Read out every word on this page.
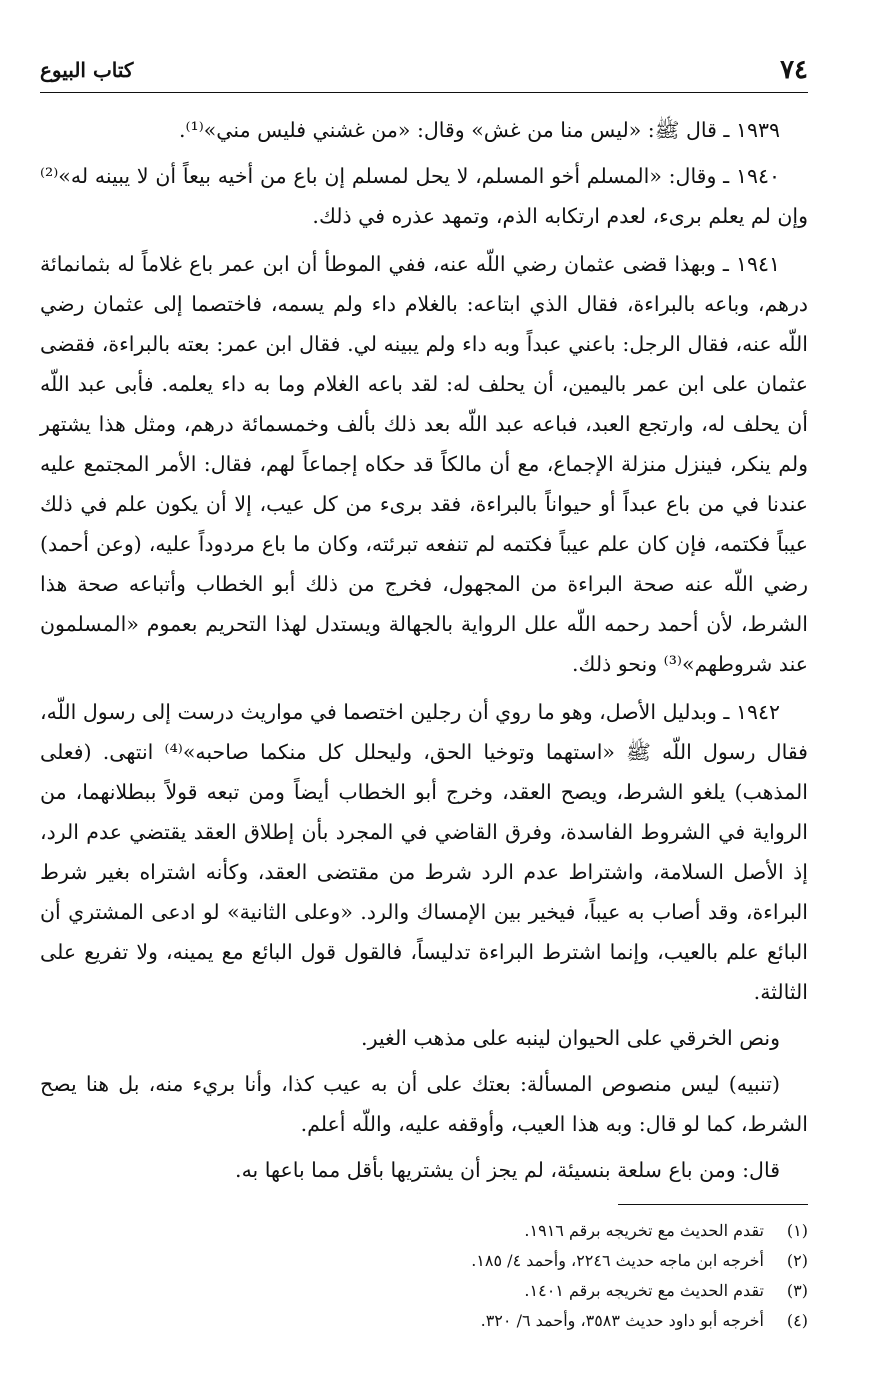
٧٤
كتاب البيوع

١٩٣٩ ـ قال ﷺ: «ليس منا من غش» وقال: «من غشني فليس مني»⁽¹⁾.

١٩٤٠ ـ وقال: «المسلم أخو المسلم، لا يحل لمسلم إن باع من أخيه بيعاً أن لا يبينه له»⁽²⁾ وإن لم يعلم برىء، لعدم ارتكابه الذم، وتمهد عذره في ذلك.

١٩٤١ ـ وبهذا قضى عثمان رضي اللّه عنه، ففي الموطأ أن ابن عمر باع غلاماً له بثمانمائة درهم، وباعه بالبراءة، فقال الذي ابتاعه: بالغلام داء ولم يسمه، فاختصما إلى عثمان رضي اللّه عنه، فقال الرجل: باعني عبداً وبه داء ولم يبينه لي. فقال ابن عمر: بعته بالبراءة، فقضى عثمان على ابن عمر باليمين، أن يحلف له: لقد باعه الغلام وما به داء يعلمه. فأبى عبد اللّه أن يحلف له، وارتجع العبد، فباعه عبد اللّه بعد ذلك بألف وخمسمائة درهم، ومثل هذا يشتهر ولم ينكر، فينزل منزلة الإجماع، مع أن مالكاً قد حكاه إجماعاً لهم، فقال: الأمر المجتمع عليه عندنا في من باع عبداً أو حيواناً بالبراءة، فقد برىء من كل عيب، إلا أن يكون علم في ذلك عيباً فكتمه، فإن كان علم عيباً فكتمه لم تنفعه تبرئته، وكان ما باع مردوداً عليه، (وعن أحمد) رضي اللّه عنه صحة البراءة من المجهول، فخرج من ذلك أبو الخطاب وأتباعه صحة هذا الشرط، لأن أحمد رحمه اللّه علل الرواية بالجهالة ويستدل لهذا التحريم بعموم «المسلمون عند شروطهم»⁽³⁾ ونحو ذلك.

١٩٤٢ ـ وبدليل الأصل، وهو ما روي أن رجلين اختصما في مواريث درست إلى رسول اللّه، فقال رسول اللّه ﷺ «استهما وتوخيا الحق، وليحلل كل منكما صاحبه»⁽⁴⁾ انتهى. (فعلى المذهب) يلغو الشرط، ويصح العقد، وخرج أبو الخطاب أيضاً ومن تبعه قولاً ببطلانهما، من الرواية في الشروط الفاسدة، وفرق القاضي في المجرد بأن إطلاق العقد يقتضي عدم الرد، إذ الأصل السلامة، واشتراط عدم الرد شرط من مقتضى العقد، وكأنه اشتراه بغير شرط البراءة، وقد أصاب به عيباً، فيخير بين الإمساك والرد. «وعلى الثانية» لو ادعى المشتري أن البائع علم بالعيب، وإنما اشترط البراءة تدليساً، فالقول قول البائع مع يمينه، ولا تفريع على الثالثة.

ونص الخرقي على الحيوان لينبه على مذهب الغير.

(تنبيه) ليس منصوص المسألة: بعتك على أن به عيب كذا، وأنا بريء منه، بل هنا يصح الشرط، كما لو قال: وبه هذا العيب، وأوقفه عليه، واللّه أعلم.

قال: ومن باع سلعة بنسيئة، لم يجز أن يشتريها بأقل مما باعها به.

(١)
تقدم الحديث مع تخريجه برقم ١٩١٦.
(٢)
أخرجه ابن ماجه حديث ٢٢٤٦، وأحمد ٤/ ١٨٥.
(٣)
تقدم الحديث مع تخريجه برقم ١٤٠١.
(٤)
أخرجه أبو داود حديث ٣٥٨٣، وأحمد ٦/ ٣٢٠.
